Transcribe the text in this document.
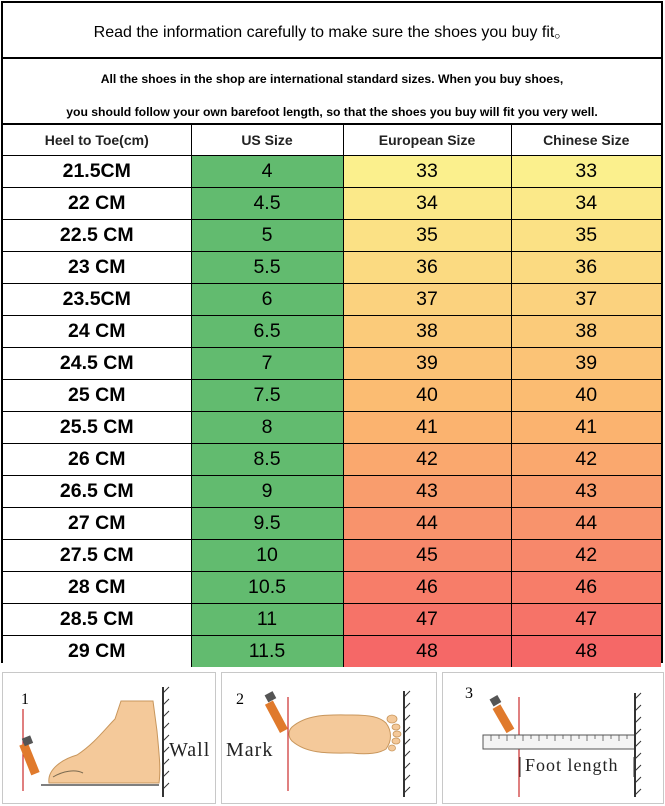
Read the information carefully to make sure the shoes you buy fit。
All the shoes in the shop are international standard sizes. When you buy shoes,
you should follow your own barefoot length, so that the shoes you buy will fit you very well.
Heel to Toe(cm)	US Size	European Size	Chinese Size
21.5CM	4	33	33
22 CM	4.5	34	34
22.5 CM	5	35	35
23 CM	5.5	36	36
23.5CM	6	37	37
24 CM	6.5	38	38
24.5 CM	7	39	39
25 CM	7.5	40	40
25.5 CM	8	41	41
26 CM	8.5	42	42
26.5 CM	9	43	43
27 CM	9.5	44	44
27.5 CM	10	45	42
28 CM	10.5	46	46
28.5 CM	11	47	47
29 CM	11.5	48	48
1
Wall
2
Mark
3
Foot length
